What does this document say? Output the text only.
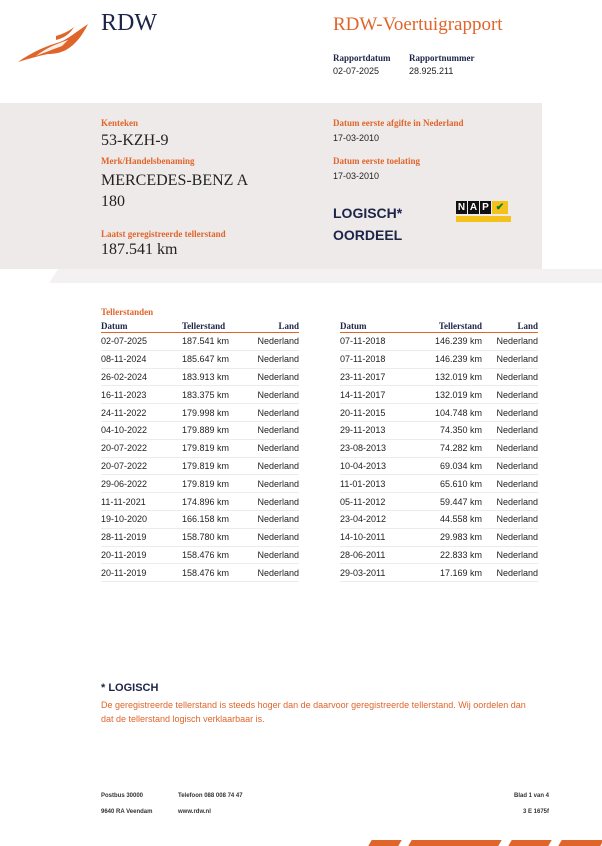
RDW	RDW-Voertuigrapport
Rapportdatum
02-07-2025
Rapportnummer
28.925.211
Kenteken
53-KZH-9
Merk/Handelsbenaming
MERCEDES-BENZ A
180
Laatst geregistreerde tellerstand
187.541 km
Datum eerste afgifte in Nederland
17-03-2010
Datum eerste toelating
17-03-2010
LOGISCH*
OORDEEL
N A P ✔
Tellerstanden
Datum	Tellerstand	Land
02-07-2025	187.541 km	Nederland
08-11-2024	185.647 km	Nederland
26-02-2024	183.913 km	Nederland
16-11-2023	183.375 km	Nederland
24-11-2022	179.998 km	Nederland
04-10-2022	179.889 km	Nederland
20-07-2022	179.819 km	Nederland
20-07-2022	179.819 km	Nederland
29-06-2022	179.819 km	Nederland
11-11-2021	174.896 km	Nederland
19-10-2020	166.158 km	Nederland
28-11-2019	158.780 km	Nederland
20-11-2019	158.476 km	Nederland
20-11-2019	158.476 km	Nederland
Datum	Tellerstand	Land
07-11-2018	146.239 km	Nederland
07-11-2018	146.239 km	Nederland
23-11-2017	132.019 km	Nederland
14-11-2017	132.019 km	Nederland
20-11-2015	104.748 km	Nederland
29-11-2013	74.350 km	Nederland
23-08-2013	74.282 km	Nederland
10-04-2013	69.034 km	Nederland
11-01-2013	65.610 km	Nederland
05-11-2012	59.447 km	Nederland
23-04-2012	44.558 km	Nederland
14-10-2011	29.983 km	Nederland
28-06-2011	22.833 km	Nederland
29-03-2011	17.169 km	Nederland
* LOGISCH
De geregistreerde tellerstand is steeds hoger dan de daarvoor geregistreerde tellerstand. Wij oordelen dan
dat de tellerstand logisch verklaarbaar is.
Postbus 30000
9640 RA Veendam
Telefoon 088 008 74 47
www.rdw.nl
Blad 1 van 4
3 E 1675f
